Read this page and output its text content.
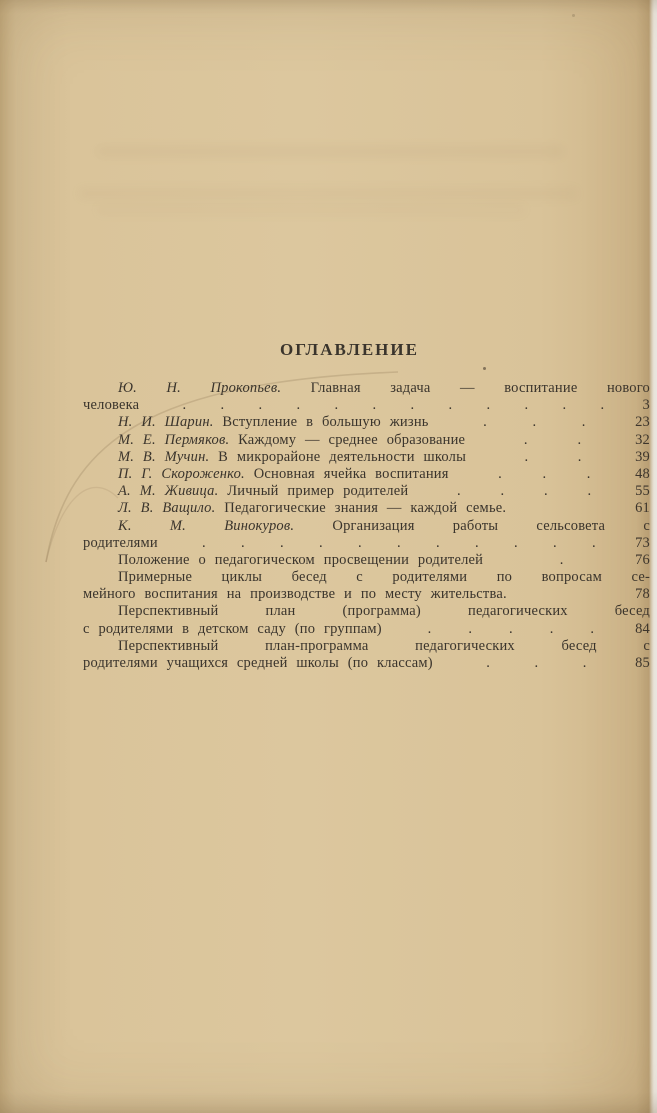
ОГЛАВЛЕНИЕ
Ю. Н. Прокопьев. Главная задача — воспитание нового
человека	. . . . . . . . . . . .	3
Н. И. Шарин. Вступление в большую жизнь	.	.	.	23
М. Е. Пермяков. Каждому — среднее образование	.	.	32
М. В. Мучин. В микрорайоне деятельности школы	.	.	39
П. Г. Скороженко. Основная ячейка воспитания	.	.	.	48
А. М. Живица. Личный пример родителей	.	.	.	.	55
Л. В. Ващило. Педагогические знания — каждой семье.	61
К. М. Винокуров.	Организация работы сельсовета с
родителями	. . . . . . . . . . .	73
Положение о педагогическом просвещении родителей	.	76
Примерные циклы бесед с родителями по вопросам се-
мейного воспитания на производстве и по месту жительства.	78
Перспективный план (программа) педагогических бесед
с родителями в детском саду (по группам)	.	.	.	.	.	84
Перспективный план-программа педагогических бесед с
родителями учащихся средней школы (по классам)	.	.	.	85
